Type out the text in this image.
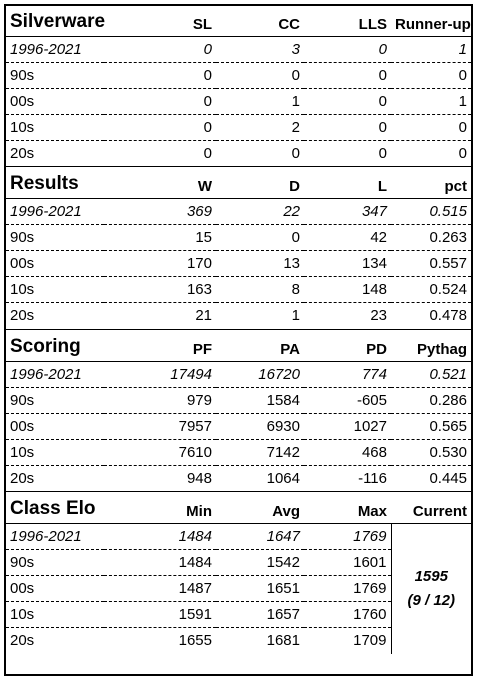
Silverware	SL	CC	LLS	Runner-up
1996-2021	0	3	0	1
90s	0	0	0	0
00s	0	1	0	1
10s	0	2	0	0
20s	0	0	0	0
Results	W	D	L	pct
1996-2021	369	22	347	0.515
90s	15	0	42	0.263
00s	170	13	134	0.557
10s	163	8	148	0.524
20s	21	1	23	0.478
Scoring	PF	PA	PD	Pythag
1996-2021	17494	16720	774	0.521
90s	979	1584	-605	0.286
00s	7957	6930	1027	0.565
10s	7610	7142	468	0.530
20s	948	1064	-116	0.445
Class Elo	Min	Avg	Max	Current
1996-2021	1484	1647	1769	1595
(9 / 12)

90s	1484	1542	1601	
00s	1487	1651	1769	
10s	1591	1657	1760	
20s	1655	1681	1709	
